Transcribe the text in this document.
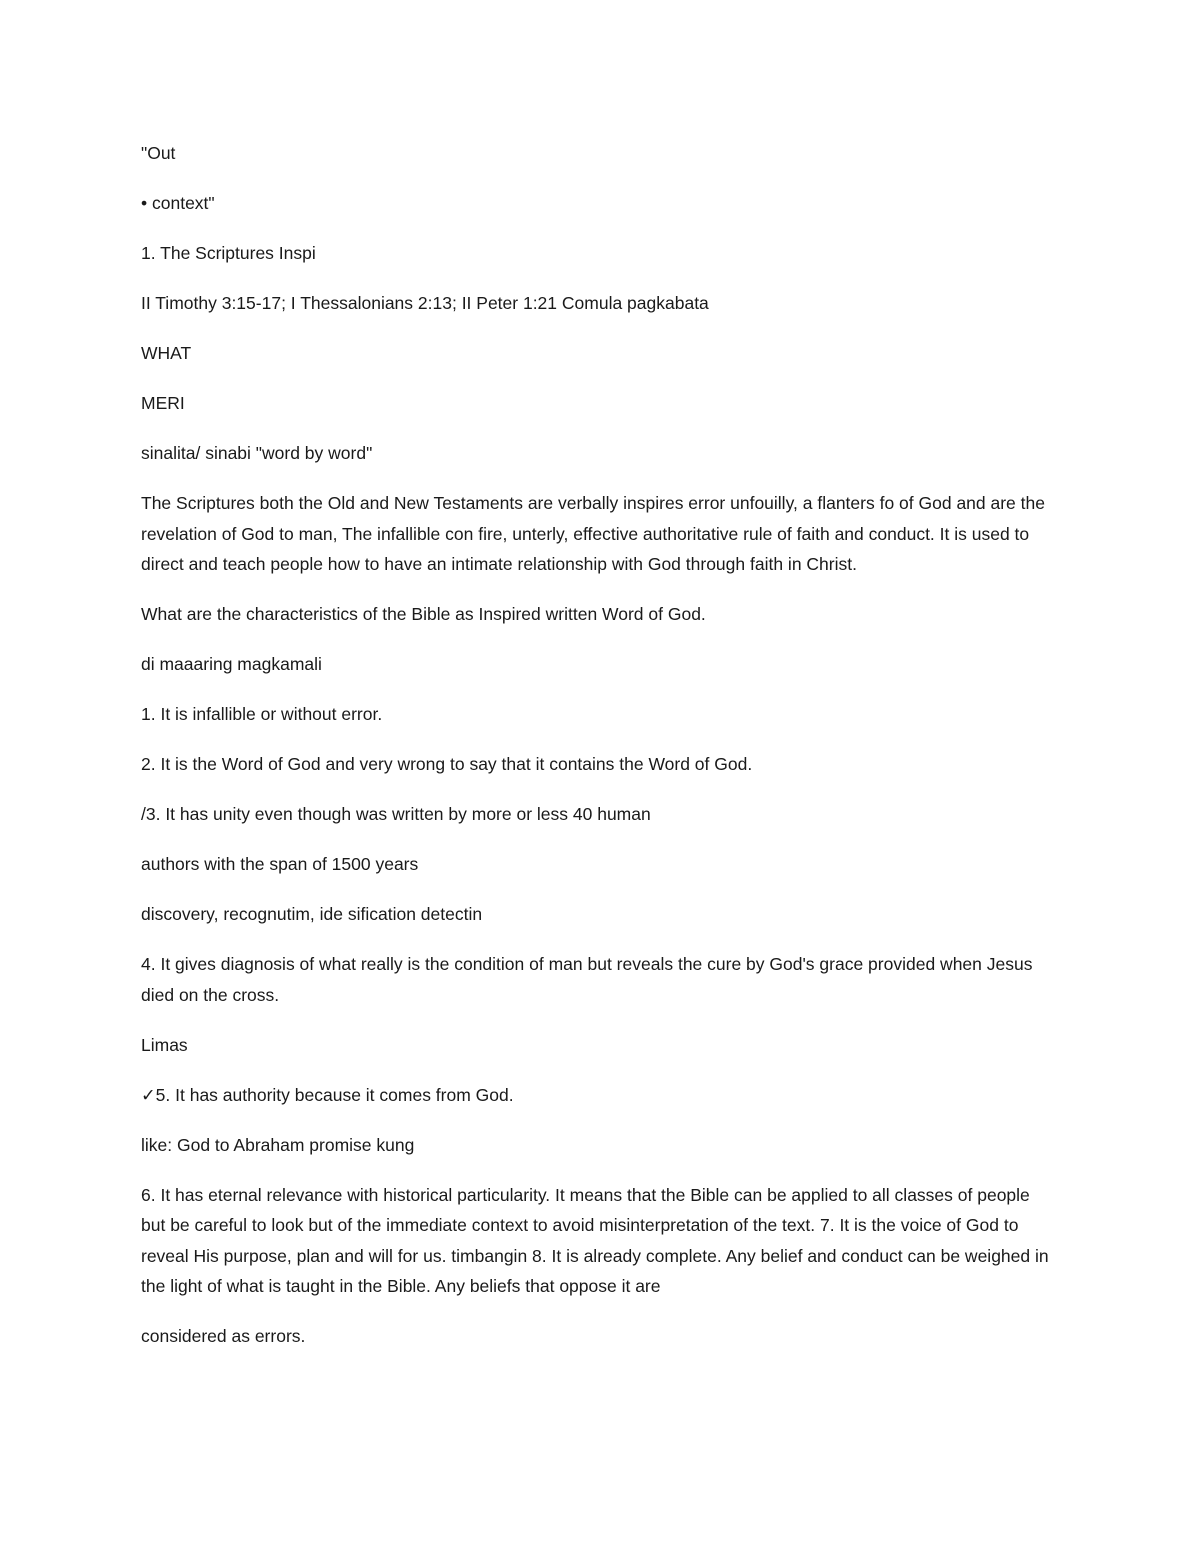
"Out

• context"

1. The Scriptures Inspi

II Timothy 3:15-17; I Thessalonians 2:13; II Peter 1:21 Comula pagkabata

WHAT

MERI

sinalita/ sinabi "word by word"

The Scriptures both the Old and New Testaments are verbally inspires error unfouilly, a flanters fo of God and are the revelation of God to man, The infallible con fire, unterly, effective authoritative rule of faith and conduct. It is used to direct and teach people how to have an intimate relationship with God through faith in Christ.

What are the characteristics of the Bible as Inspired written Word of God.

di maaaring magkamali

1. It is infallible or without error.

2. It is the Word of God and very wrong to say that it contains the Word of God.

/3. It has unity even though was written by more or less 40 human

authors with the span of 1500 years

discovery, recognutim, ide sification detectin

4. It gives diagnosis of what really is the condition of man but reveals the cure by God's grace provided when Jesus died on the cross.

Limas

✓5. It has authority because it comes from God.

like: God to Abraham promise kung

6. It has eternal relevance with historical particularity. It means that the Bible can be applied to all classes of people but be careful to look but of the immediate context to avoid misinterpretation of the text. 7. It is the voice of God to reveal His purpose, plan and will for us. timbangin 8. It is already complete. Any belief and conduct can be weighed in the light of what is taught in the Bible. Any beliefs that oppose it are

considered as errors.
